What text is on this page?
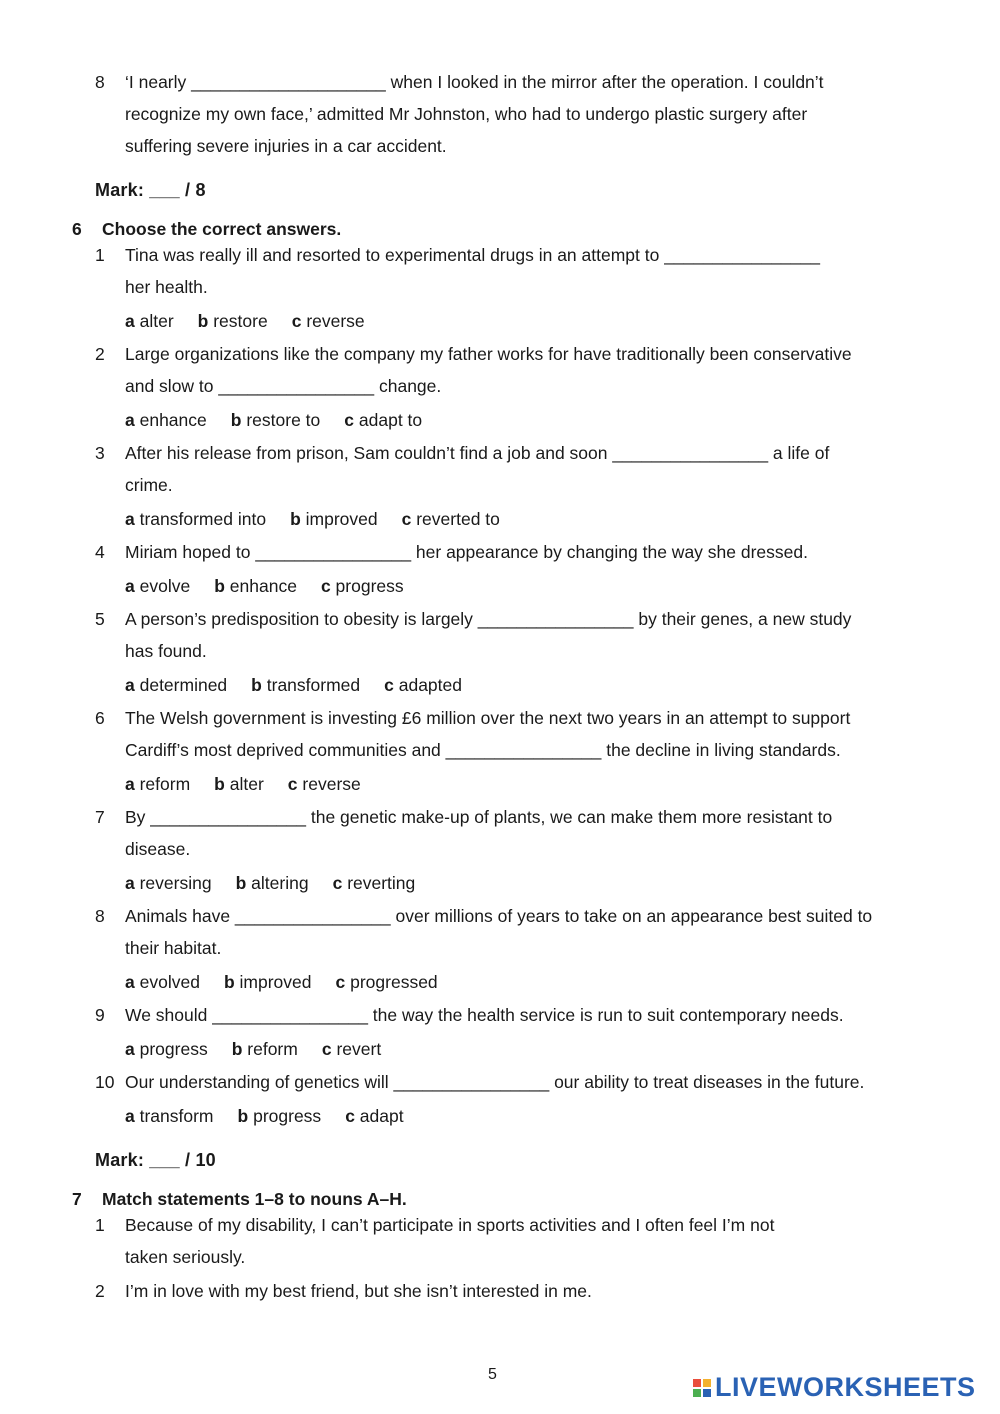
8 ‘I nearly ____________________ when I looked in the mirror after the operation. I couldn’t
recognize my own face,’ admitted Mr Johnston, who had to undergo plastic surgery after
suffering severe injuries in a car accident.
Mark: ___ / 8
6 Choose the correct answers.
1 Tina was really ill and resorted to experimental drugs in an attempt to ________________
her health.
a alter b restore c reverse
2 Large organizations like the company my father works for have traditionally been conservative
and slow to ________________ change.
a enhance b restore to c adapt to
3 After his release from prison, Sam couldn’t find a job and soon ________________ a life of
crime.
a transformed into b improved c reverted to
4 Miriam hoped to ________________ her appearance by changing the way she dressed.
a evolve b enhance c progress
5 A person’s predisposition to obesity is largely ________________ by their genes, a new study
has found.
a determined b transformed c adapted
6 The Welsh government is investing £6 million over the next two years in an attempt to support
Cardiff’s most deprived communities and ________________ the decline in living standards.
a reform b alter c reverse
7 By ________________ the genetic make-up of plants, we can make them more resistant to
disease.
a reversing b altering c reverting
8 Animals have ________________ over millions of years to take on an appearance best suited to
their habitat.
a evolved b improved c progressed
9 We should ________________ the way the health service is run to suit contemporary needs.
a progress b reform c revert
10 Our understanding of genetics will ________________ our ability to treat diseases in the future.
a transform b progress c adapt
Mark: ___ / 10
7 Match statements 1–8 to nouns A–H.
1 Because of my disability, I can’t participate in sports activities and I often feel I’m not
taken seriously.
2 I’m in love with my best friend, but she isn’t interested in me.
5	LIVEWORKSHEETS
